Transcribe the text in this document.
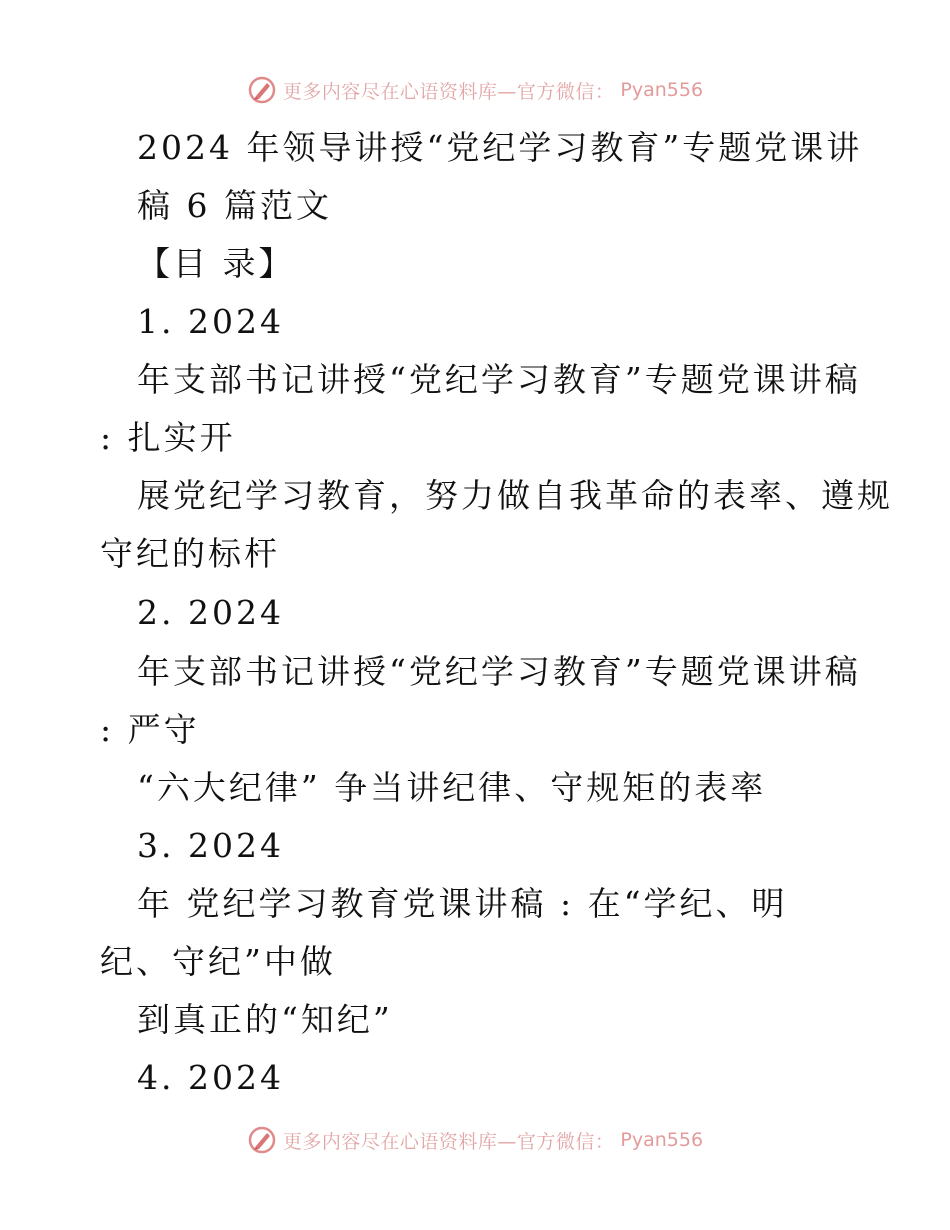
更多内容尽在心语资料库—官方微信： Pyan556
2024 年领导讲授“党纪学习教育”专题党课讲
稿 6 篇范文
【目 录】
1. 2024
年支部书记讲授“党纪学习教育”专题党课讲稿
: 扎实开
展党纪学习教育，努力做自我革命的表率、遵规
守纪的标杆
2. 2024
年支部书记讲授“党纪学习教育”专题党课讲稿
: 严守
“六大纪律” 争当讲纪律、守规矩的表率
3. 2024
年 党纪学习教育党课讲稿 : 在“学纪、明
纪、守纪”中做
到真正的“知纪”
4. 2024
更多内容尽在心语资料库—官方微信： Pyan556
